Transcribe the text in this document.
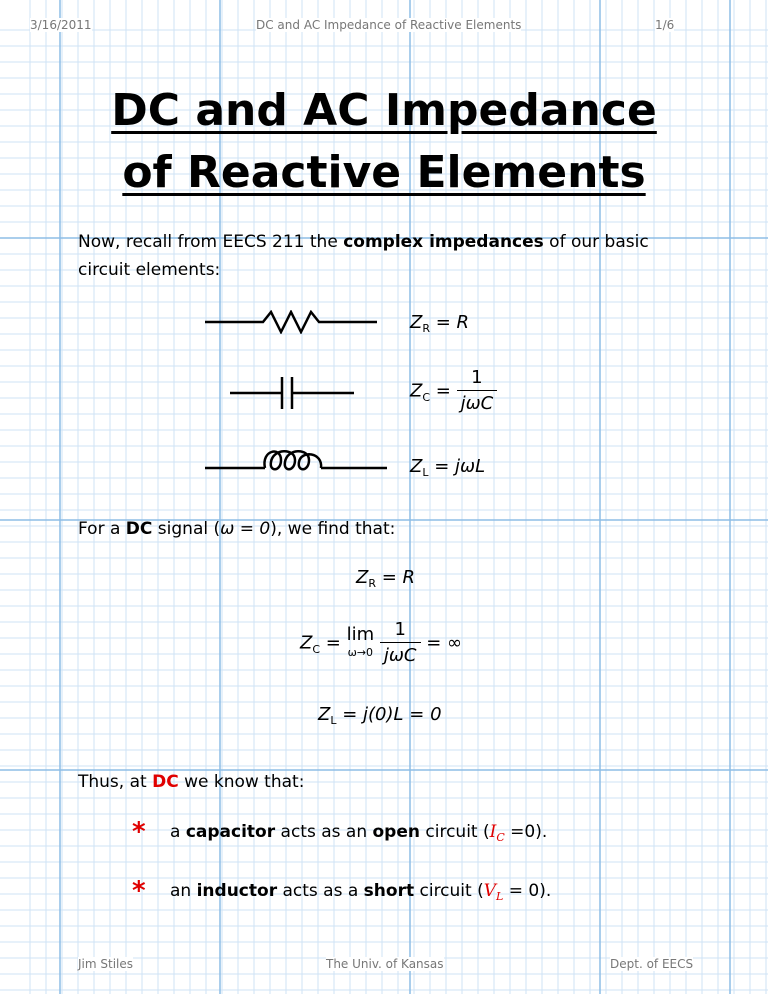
3/16/2011	DC and AC Impedance of Reactive Elements	1/6
DC and AC Impedance
of Reactive Elements
Now, recall from EECS 211 the complex impedances of our basic circuit elements:
$Z_R = R$
$Z_C = \frac{1}{\text{jωC}}$
$Z_L = j\omega L$
For a DC signal (ω = 0), we find that:
$Z_R = R$
$Z_C = \lim$
ω→0
$\frac{1}{\text{jωC}}$ = ∞
$Z_L = j(0)L = 0$
Thus, at DC we know that:
* a capacitor acts as an open circuit $(I_C =0)$.
* an inductor acts as a short circuit $(V_L = 0)$.
Jim Stiles	The Univ. of Kansas	Dept. of EECS
